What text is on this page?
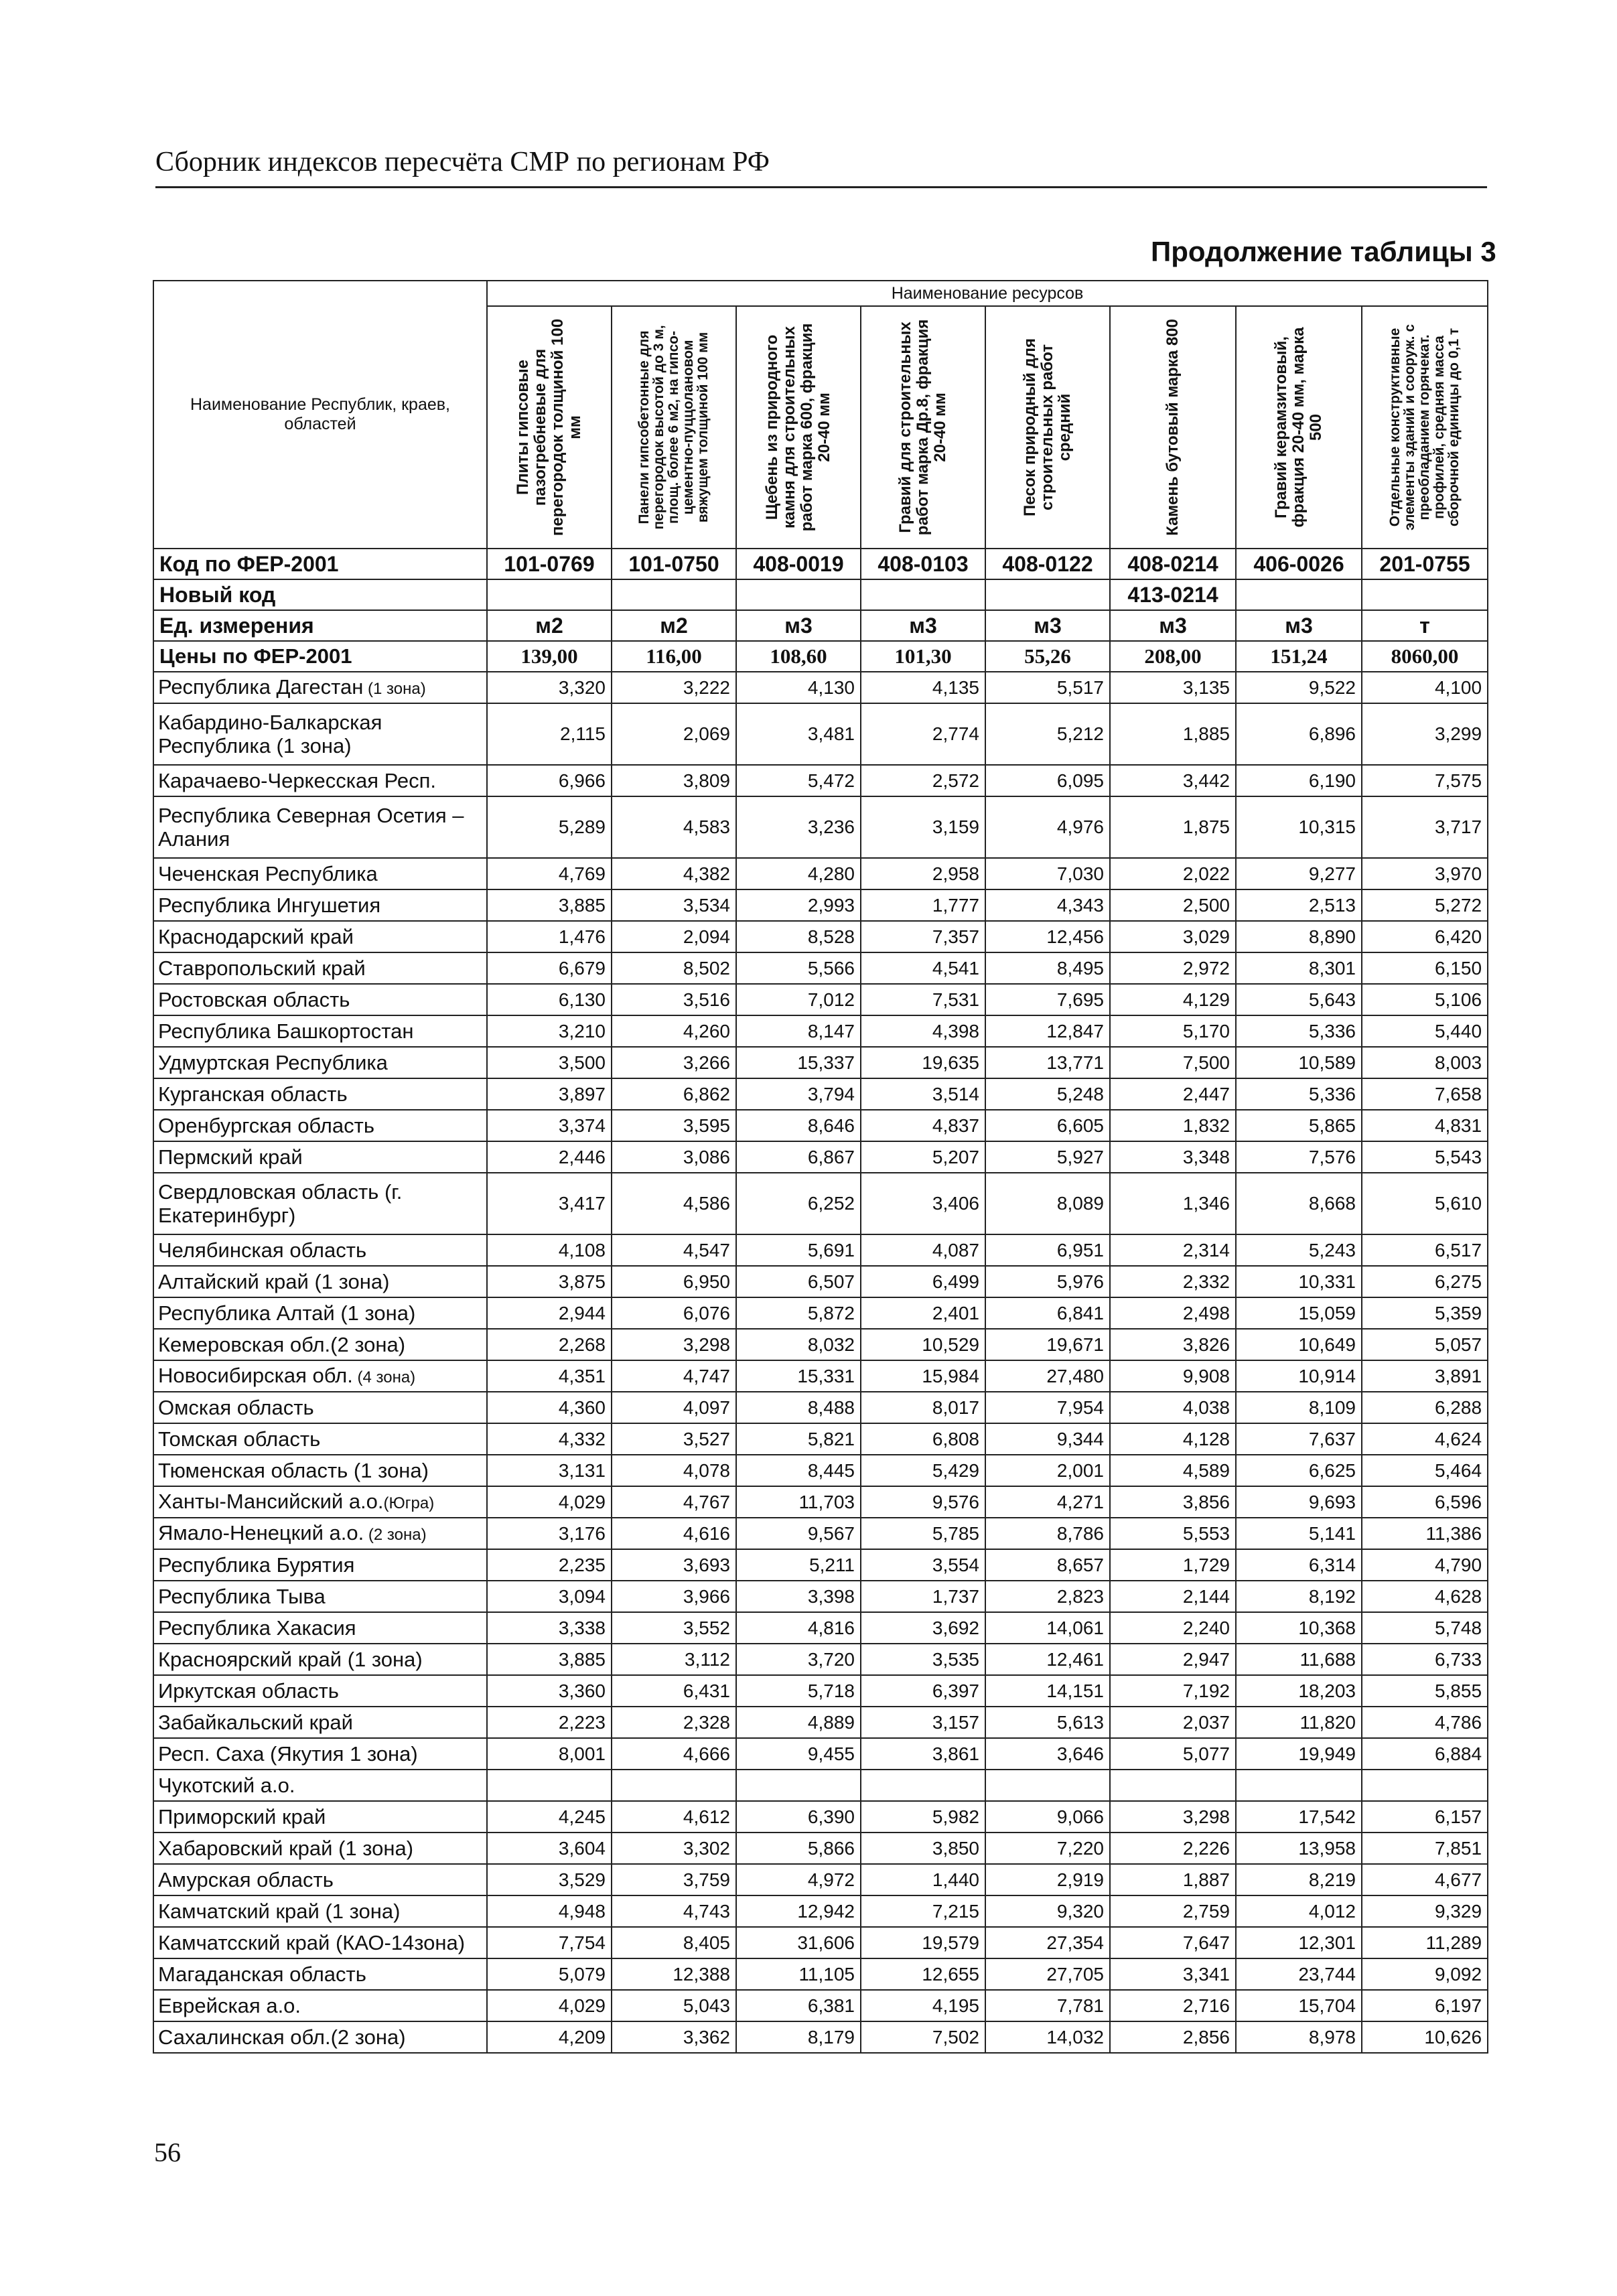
Сборник индексов пересчёта СМР по регионам РФ
Продолжение таблицы 3
Наименование Республик, краев, областей	Наименование ресурсов							

	Плиты гипсовые пазогребневые для перегородок толщиной 100 мм	Панели гипсобетонные для перегородок высотой до 3 м, площ. более 6 м2, на гипсо-цементно-пуццолановом вяжущем толщиной 100 мм	Щебень из природного камня для строительных работ марка 600, фракция 20-40 мм	Гравий для строительных работ марка Др.8, фракция 20-40 мм	Песок природный для строительных работ средний	Камень бутовый марка 800	Гравий керамзитовый, фракция 20-40 мм, марка 500	Отдельные конструктивные элементы зданий и сооруж. с преобладанием горячекат. профилей, средняя масса сборочной единицы до 0,1 т

Код по ФЕР-2001	101-0769	101-0750	408-0019	408-0103	408-0122	408-0214	406-0026	201-0755
Новый код						413-0214		
Ед. измерения	м2	м2	м3	м3	м3	м3	м3	т
Цены по ФЕР-2001	139,00	116,00	108,60	101,30	55,26	208,00	151,24	8060,00
Республика Дагестан (1 зона)	3,320	3,222	4,130	4,135	5,517	3,135	9,522	4,100
Кабардино-Балкарская Республика (1 зона)	2,115	2,069	3,481	2,774	5,212	1,885	6,896	3,299
Карачаево-Черкесская Респ.	6,966	3,809	5,472	2,572	6,095	3,442	6,190	7,575
Республика Северная Осетия – Алания	5,289	4,583	3,236	3,159	4,976	1,875	10,315	3,717
Чеченская Республика	4,769	4,382	4,280	2,958	7,030	2,022	9,277	3,970
Республика Ингушетия	3,885	3,534	2,993	1,777	4,343	2,500	2,513	5,272
Краснодарский край	1,476	2,094	8,528	7,357	12,456	3,029	8,890	6,420
Ставропольский край	6,679	8,502	5,566	4,541	8,495	2,972	8,301	6,150
Ростовская область	6,130	3,516	7,012	7,531	7,695	4,129	5,643	5,106
Республика Башкортостан	3,210	4,260	8,147	4,398	12,847	5,170	5,336	5,440
Удмуртская Республика	3,500	3,266	15,337	19,635	13,771	7,500	10,589	8,003
Курганская область	3,897	6,862	3,794	3,514	5,248	2,447	5,336	7,658
Оренбургская область	3,374	3,595	8,646	4,837	6,605	1,832	5,865	4,831
Пермский край	2,446	3,086	6,867	5,207	5,927	3,348	7,576	5,543
Свердловская область (г. Екатеринбург)	3,417	4,586	6,252	3,406	8,089	1,346	8,668	5,610
Челябинская область	4,108	4,547	5,691	4,087	6,951	2,314	5,243	6,517
Алтайский край (1 зона)	3,875	6,950	6,507	6,499	5,976	2,332	10,331	6,275
Республика Алтай (1 зона)	2,944	6,076	5,872	2,401	6,841	2,498	15,059	5,359
Кемеровская обл.(2 зона)	2,268	3,298	8,032	10,529	19,671	3,826	10,649	5,057
Новосибирская обл. (4 зона)	4,351	4,747	15,331	15,984	27,480	9,908	10,914	3,891
Омская область	4,360	4,097	8,488	8,017	7,954	4,038	8,109	6,288
Томская область	4,332	3,527	5,821	6,808	9,344	4,128	7,637	4,624
Тюменская область (1 зона)	3,131	4,078	8,445	5,429	2,001	4,589	6,625	5,464
Ханты-Мансийский а.о.(Югра)	4,029	4,767	11,703	9,576	4,271	3,856	9,693	6,596
Ямало-Ненецкий а.о. (2 зона)	3,176	4,616	9,567	5,785	8,786	5,553	5,141	11,386
Республика Бурятия	2,235	3,693	5,211	3,554	8,657	1,729	6,314	4,790
Республика Тыва	3,094	3,966	3,398	1,737	2,823	2,144	8,192	4,628
Республика Хакасия	3,338	3,552	4,816	3,692	14,061	2,240	10,368	5,748
Красноярский край (1 зона)	3,885	3,112	3,720	3,535	12,461	2,947	11,688	6,733
Иркутская область	3,360	6,431	5,718	6,397	14,151	7,192	18,203	5,855
Забайкальский край	2,223	2,328	4,889	3,157	5,613	2,037	11,820	4,786
Респ. Саха (Якутия 1 зона)	8,001	4,666	9,455	3,861	3,646	5,077	19,949	6,884
Чукотский а.о.								
Приморский край	4,245	4,612	6,390	5,982	9,066	3,298	17,542	6,157
Хабаровский край (1 зона)	3,604	3,302	5,866	3,850	7,220	2,226	13,958	7,851
Амурская область	3,529	3,759	4,972	1,440	2,919	1,887	8,219	4,677
Камчатский край (1 зона)	4,948	4,743	12,942	7,215	9,320	2,759	4,012	9,329
Камчатсский край (КАО-14зона)	7,754	8,405	31,606	19,579	27,354	7,647	12,301	11,289
Магаданская область	5,079	12,388	11,105	12,655	27,705	3,341	23,744	9,092
Еврейская а.о.	4,029	5,043	6,381	4,195	7,781	2,716	15,704	6,197
Сахалинская обл.(2 зона)	4,209	3,362	8,179	7,502	14,032	2,856	8,978	10,626
56
